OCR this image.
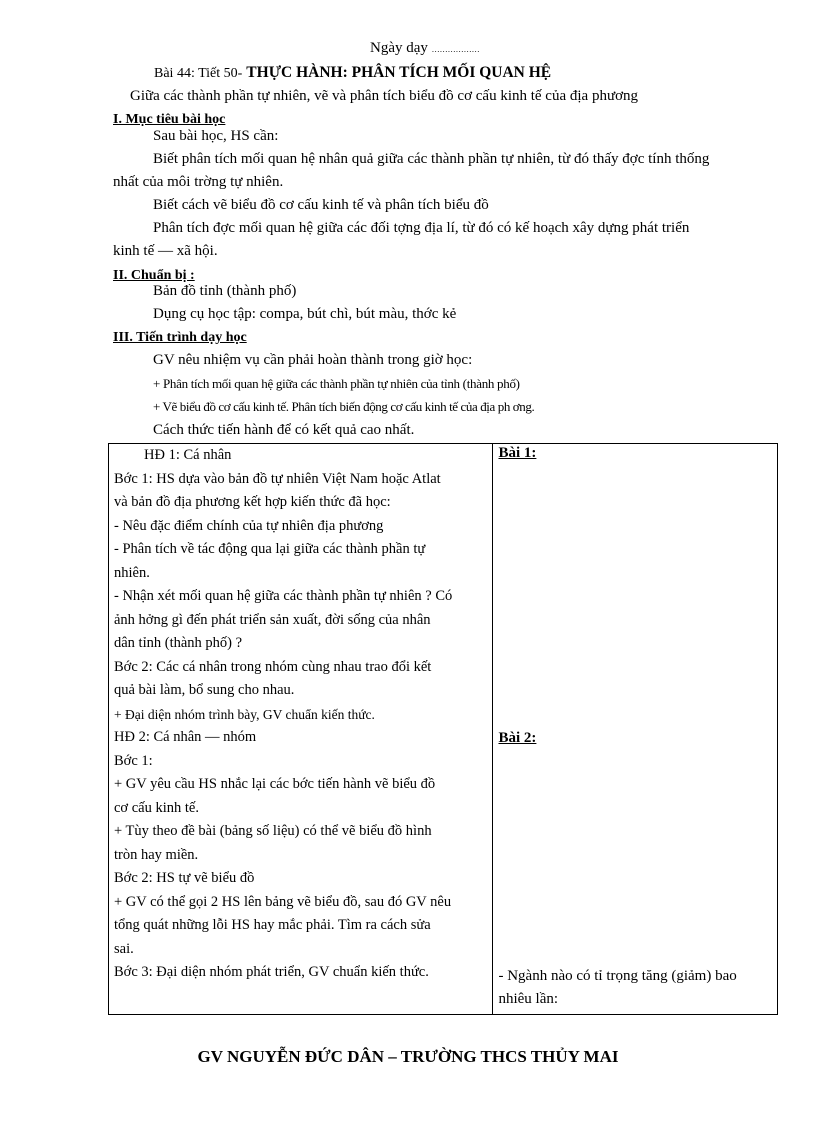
Ngày dạy ………………
Bài 44: Tiết 50- THỰC HÀNH: PHÂN TÍCH MỐI QUAN HỆ
Giữa các thành phần tự nhiên, vẽ và phân tích biểu đồ cơ cấu kinh tế của địa phương
I. Mục tiêu bài học
Sau bài học, HS cần:
Biết phân tích mối quan hệ nhân quả giữa các thành phần tự nhiên, từ đó thấy đợc tính thống
nhất của môi trờng tự nhiên.
Biết cách vẽ biểu đồ cơ cấu kinh tế và phân tích biểu đồ
Phân tích đợc mối quan hệ giữa các đối tợng địa lí, từ đó có kế hoạch xây dựng phát triển
kinh tế — xã hội.
II. Chuẩn bị :
Bản đồ tỉnh (thành phố)
Dụng cụ học tập: compa, bút chì, bút màu, thớc kẻ
III. Tiến trình dạy học
GV nêu nhiệm vụ cần phải hoàn thành trong giờ học:
+ Phân tích mối quan hệ giữa các thành phần tự nhiên của tỉnh (thành phố)
+ Vẽ biểu đồ cơ cấu kinh tế. Phân tích biến động cơ cấu kinh tế của địa ph ơng.
Cách thức tiến hành để có kết quả cao nhất.
HĐ 1: Cá nhân
Bớc 1: HS dựa vào bản đồ tự nhiên Việt Nam hoặc Atlat
và bản đồ địa phương kết hợp kiến thức đã học:
- Nêu đặc điểm chính của tự nhiên địa phương
- Phân tích về tác động qua lại giữa các thành phần tự
nhiên.
- Nhận xét mối quan hệ giữa các thành phần tự nhiên ? Có
ảnh hởng gì đến phát triển sản xuất, đời sống của nhân
dân tỉnh (thành phố) ?
Bớc 2: Các cá nhân trong nhóm cùng nhau trao đổi kết
quả bài làm, bổ sung cho nhau.
+ Đại diện nhóm trình bày, GV chuẩn kiến thức.
HĐ 2: Cá nhân — nhóm
Bớc 1:
+ GV yêu cầu HS nhắc lại các bớc tiến hành vẽ biểu đồ
cơ cấu kinh tế.
+ Tùy theo đề bài (bảng số liệu) có thể vẽ biểu đồ hình
tròn hay miền.
Bớc 2: HS tự vẽ biểu đồ
+ GV có thể gọi 2 HS lên bảng vẽ biểu đồ, sau đó GV nêu
tổng quát những lỗi HS hay mắc phải. Tìm ra cách sửa
sai.
Bớc 3: Đại diện nhóm phát triển, GV chuẩn kiến thức.

Bài 1:
Bài 2:
- Ngành nào có tỉ trọng tăng (giảm) bao
nhiêu lần:
GV NGUYỄN ĐỨC DÂN – TRƯỜNG THCS THỦY MAI
